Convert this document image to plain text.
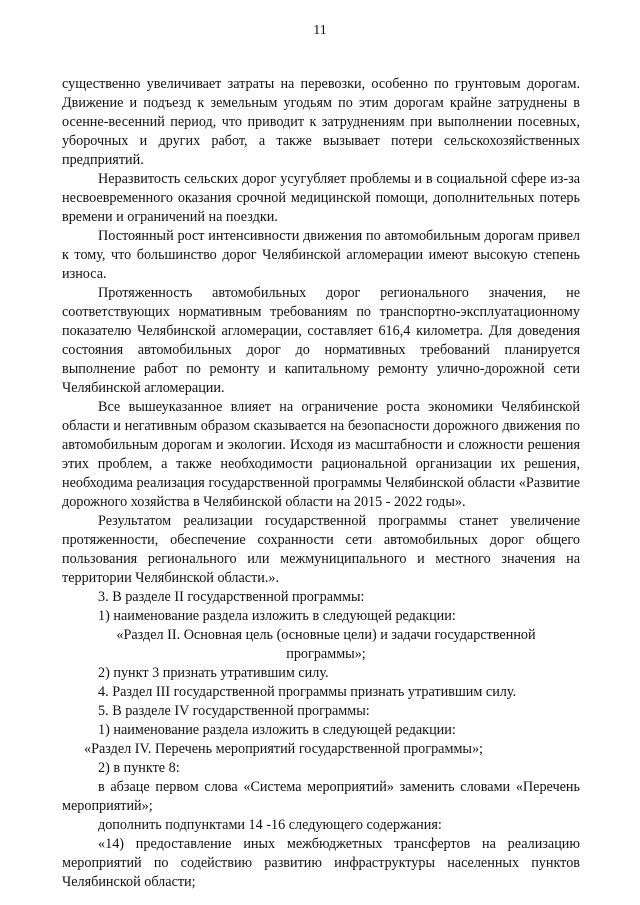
11

существенно увеличивает затраты на перевозки, особенно по грунтовым дорогам. Движение и подъезд к земельным угодьям по этим дорогам крайне затруднены в осенне-весенний период, что приводит к затруднениям при выполнении посевных, уборочных и других работ, а также вызывает потери сельскохозяйственных предприятий.

Неразвитость сельских дорог усугубляет проблемы и в социальной сфере из-за несвоевременного оказания срочной медицинской помощи, дополнительных потерь времени и ограничений на поездки.

Постоянный рост интенсивности движения по автомобильным дорогам привел к тому, что большинство дорог Челябинской агломерации имеют высокую степень износа.

Протяженность автомобильных дорог регионального значения, не соответствующих нормативным требованиям по транспортно-эксплуатационному показателю Челябинской агломерации, составляет 616,4 километра. Для доведения состояния автомобильных дорог до нормативных требований планируется выполнение работ по ремонту и капитальному ремонту улично-дорожной сети Челябинской агломерации.

Все вышеуказанное влияет на ограничение роста экономики Челябинской области и негативным образом сказывается на безопасности дорожного движения по автомобильным дорогам и экологии. Исходя из масштабности и сложности решения этих проблем, а также необходимости рациональной организации их решения, необходима реализация государственной программы Челябинской области «Развитие дорожного хозяйства в Челябинской области на 2015 - 2022 годы».

Результатом реализации государственной программы станет увеличение протяженности, обеспечение сохранности сети автомобильных дорог общего пользования регионального или межмуниципального и местного значения на территории Челябинской области.».

3. В разделе II государственной программы:

1) наименование раздела изложить в следующей редакции:

«Раздел II. Основная цель (основные цели) и задачи государственной программы»;

2) пункт 3 признать утратившим силу.

4. Раздел III государственной программы признать утратившим силу.

5. В разделе IV государственной программы:

1) наименование раздела изложить в следующей редакции:

«Раздел IV. Перечень мероприятий государственной программы»;

2) в пункте 8:

в абзаце первом слова «Система мероприятий» заменить словами «Перечень мероприятий»;

дополнить подпунктами 14 -16 следующего содержания:

«14) предоставление иных межбюджетных трансфертов на реализацию мероприятий по содействию развитию инфраструктуры населенных пунктов Челябинской области;
